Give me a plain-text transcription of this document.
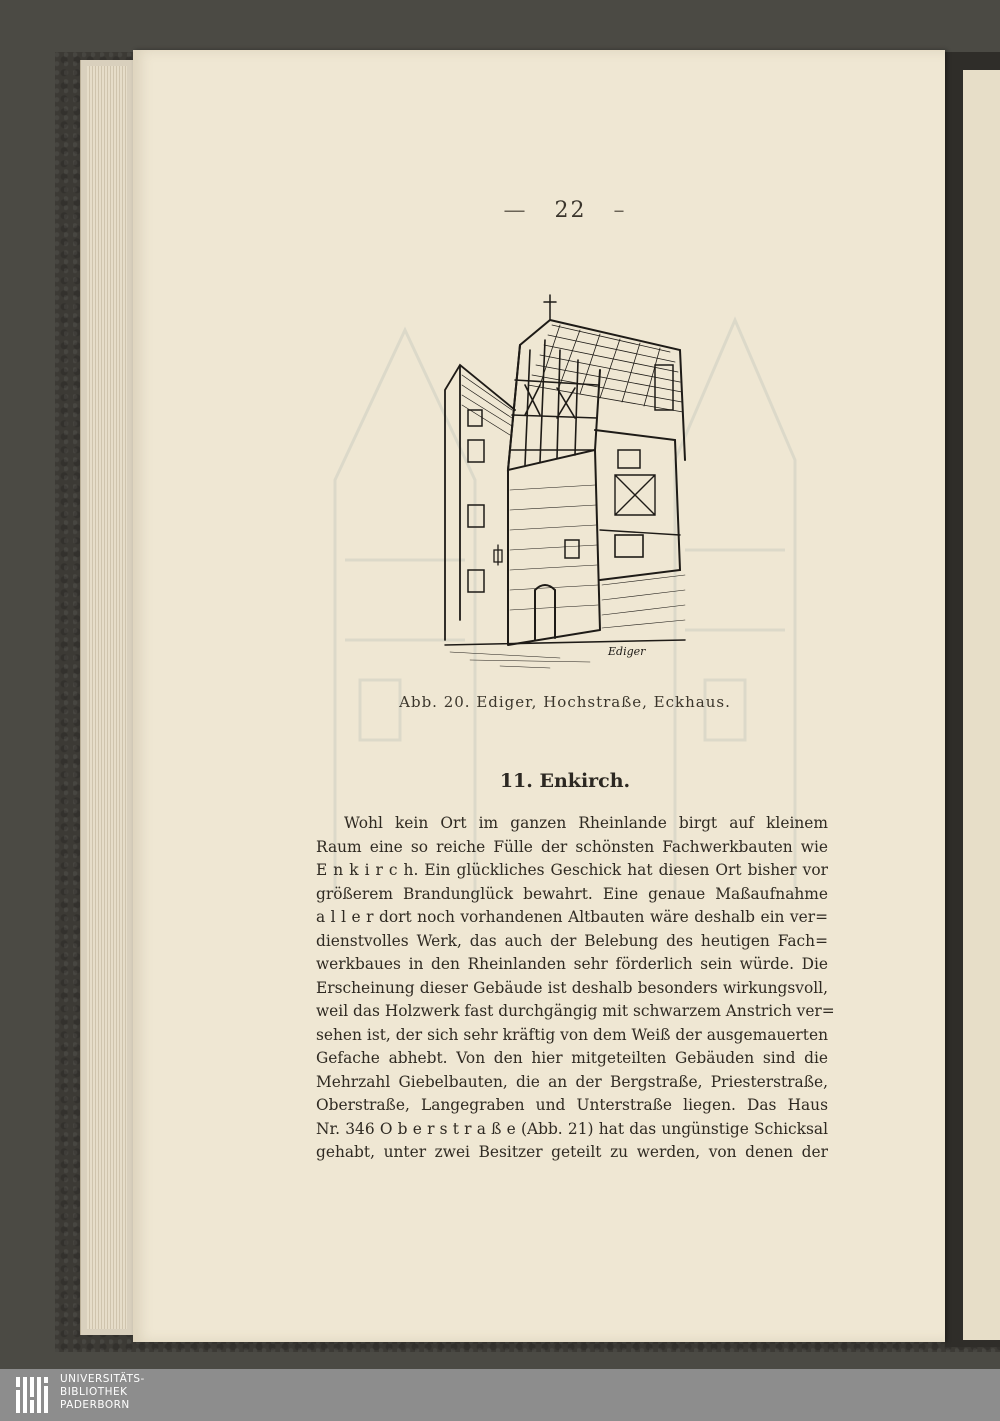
— 22 –
Ediger
Abb. 20. Ediger, Hochstraße, Eckhaus.
11. Enkirch.
Wohl kein Ort im ganzen Rheinlande birgt auf kleinem
Raum eine so reiche Fülle der schönsten Fachwerkbauten wie
E n k i r c h. Ein glückliches Geschick hat diesen Ort bisher vor
größerem Brandunglück bewahrt. Eine genaue Maßaufnahme
a l l e r dort noch vorhandenen Altbauten wäre deshalb ein ver=
dienstvolles Werk, das auch der Belebung des heutigen Fach=
werkbaues in den Rheinlanden sehr förderlich sein würde. Die
Erscheinung dieser Gebäude ist deshalb besonders wirkungsvoll,
weil das Holzwerk fast durchgängig mit schwarzem Anstrich ver=
sehen ist, der sich sehr kräftig von dem Weiß der ausgemauerten
Gefache abhebt. Von den hier mitgeteilten Gebäuden sind die
Mehrzahl Giebelbauten, die an der Bergstraße, Priesterstraße,
Oberstraße, Langegraben und Unterstraße liegen. Das Haus
Nr. 346 O b e r s t r a ß e (Abb. 21) hat das ungünstige Schicksal
gehabt, unter zwei Besitzer geteilt zu werden, von denen der
UNIVERSITÄTS-
BIBLIOTHEK
PADERBORN
